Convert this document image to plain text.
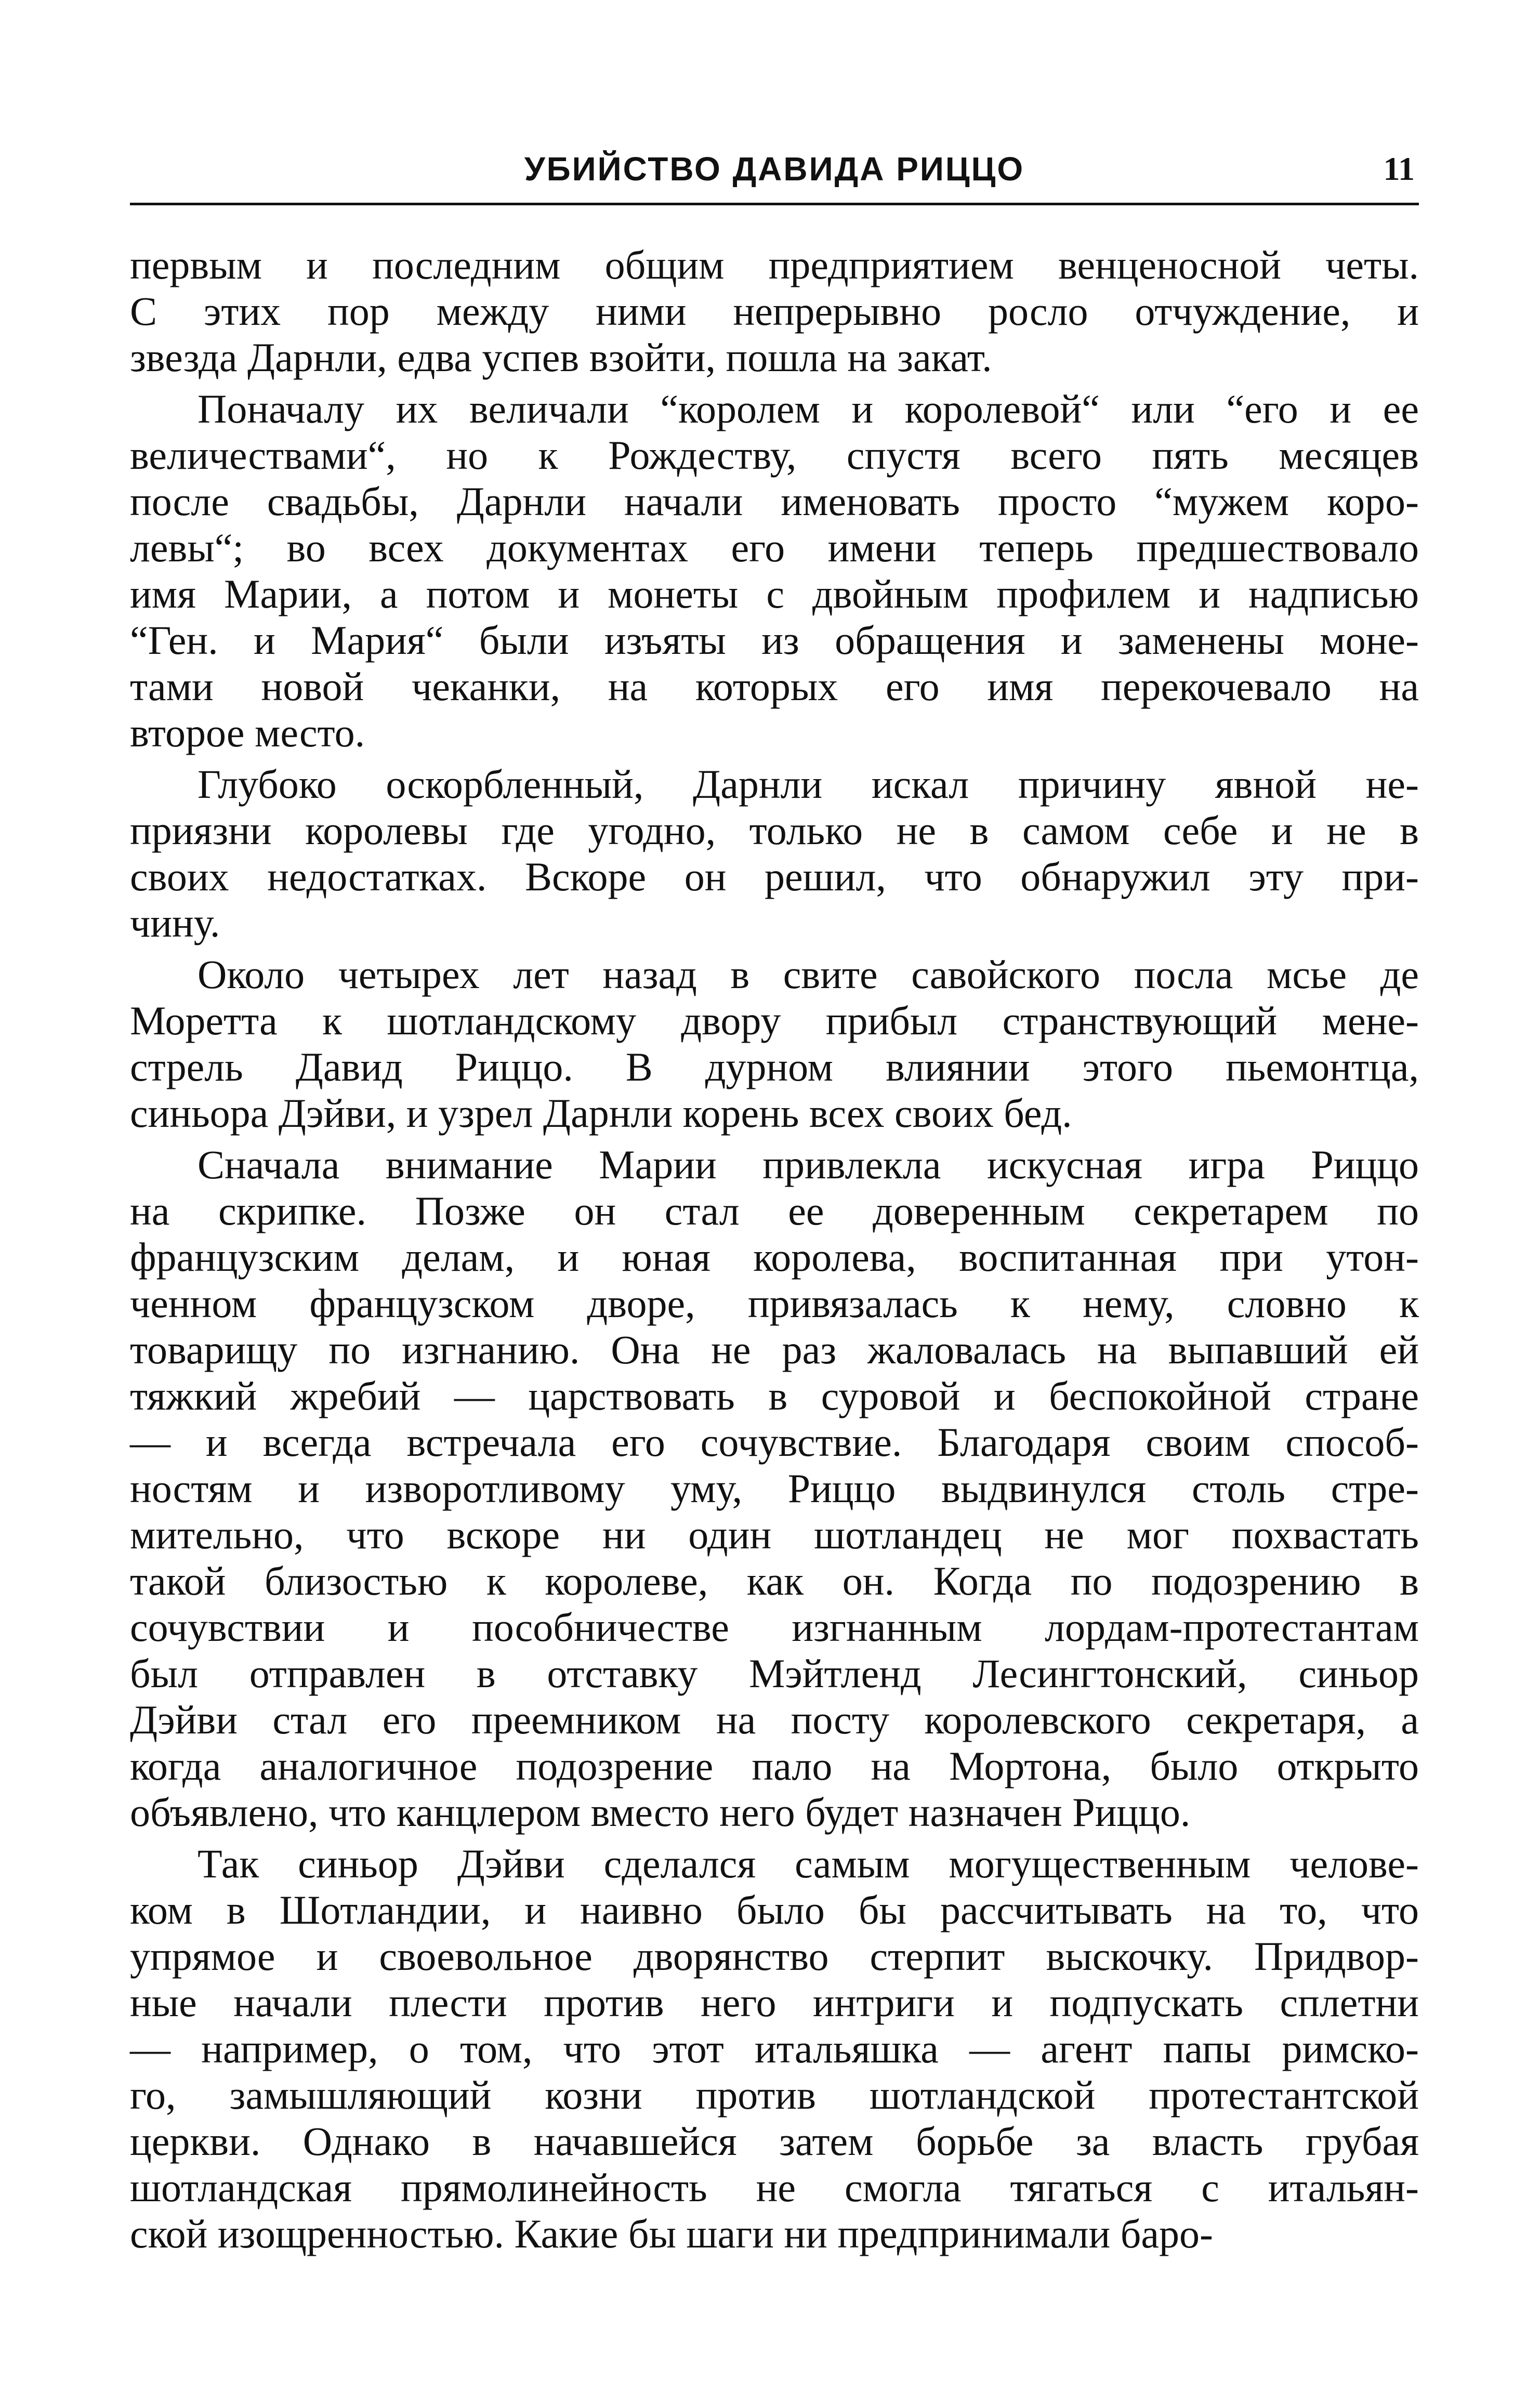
УБИЙСТВО ДАВИДА РИЦЦО	11
первым и последним общим предприятием венценосной четы.
С этих пор между ними непрерывно росло отчуждение, и
звезда Дарнли, едва успев взойти, пошла на закат.
Поначалу их величали “королем и королевой“ или “его и ее
величествами“, но к Рождеству, спустя всего пять месяцев
после свадьбы, Дарнли начали именовать просто “мужем коро-
левы“; во всех документах его имени теперь предшествовало
имя Марии, а потом и монеты с двойным профилем и надписью
“Ген. и Мария“ были изъяты из обращения и заменены моне-
тами новой чеканки, на которых его имя перекочевало на
второе место.
Глубоко оскорбленный, Дарнли искал причину явной не-
приязни королевы где угодно, только не в самом себе и не в
своих недостатках. Вскоре он решил, что обнаружил эту при-
чину.
Около четырех лет назад в свите савойского посла мсье де
Моретта к шотландскому двору прибыл странствующий мене-
стрель Давид Риццо. В дурном влиянии этого пьемонтца,
синьора Дэйви, и узрел Дарнли корень всех своих бед.
Сначала внимание Марии привлекла искусная игра Риццо
на скрипке. Позже он стал ее доверенным секретарем по
французским делам, и юная королева, воспитанная при утон-
ченном французском дворе, привязалась к нему, словно к
товарищу по изгнанию. Она не раз жаловалась на выпавший ей
тяжкий жребий — царствовать в суровой и беспокойной стране
— и всегда встречала его сочувствие. Благодаря своим способ-
ностям и изворотливому уму, Риццо выдвинулся столь стре-
мительно, что вскоре ни один шотландец не мог похвастать
такой близостью к королеве, как он. Когда по подозрению в
сочувствии и пособничестве изгнанным лордам-протестантам
был отправлен в отставку Мэйтленд Лесингтонский, синьор
Дэйви стал его преемником на посту королевского секретаря, а
когда аналогичное подозрение пало на Мортона, было открыто
объявлено, что канцлером вместо него будет назначен Риццо.
Так синьор Дэйви сделался самым могущественным челове-
ком в Шотландии, и наивно было бы рассчитывать на то, что
упрямое и своевольное дворянство стерпит выскочку. Придвор-
ные начали плести против него интриги и подпускать сплетни
— например, о том, что этот итальяшка — агент папы римско-
го, замышляющий козни против шотландской протестантской
церкви. Однако в начавшейся затем борьбе за власть грубая
шотландская прямолинейность не смогла тягаться с итальян-
ской изощренностью. Какие бы шаги ни предпринимали баро-
